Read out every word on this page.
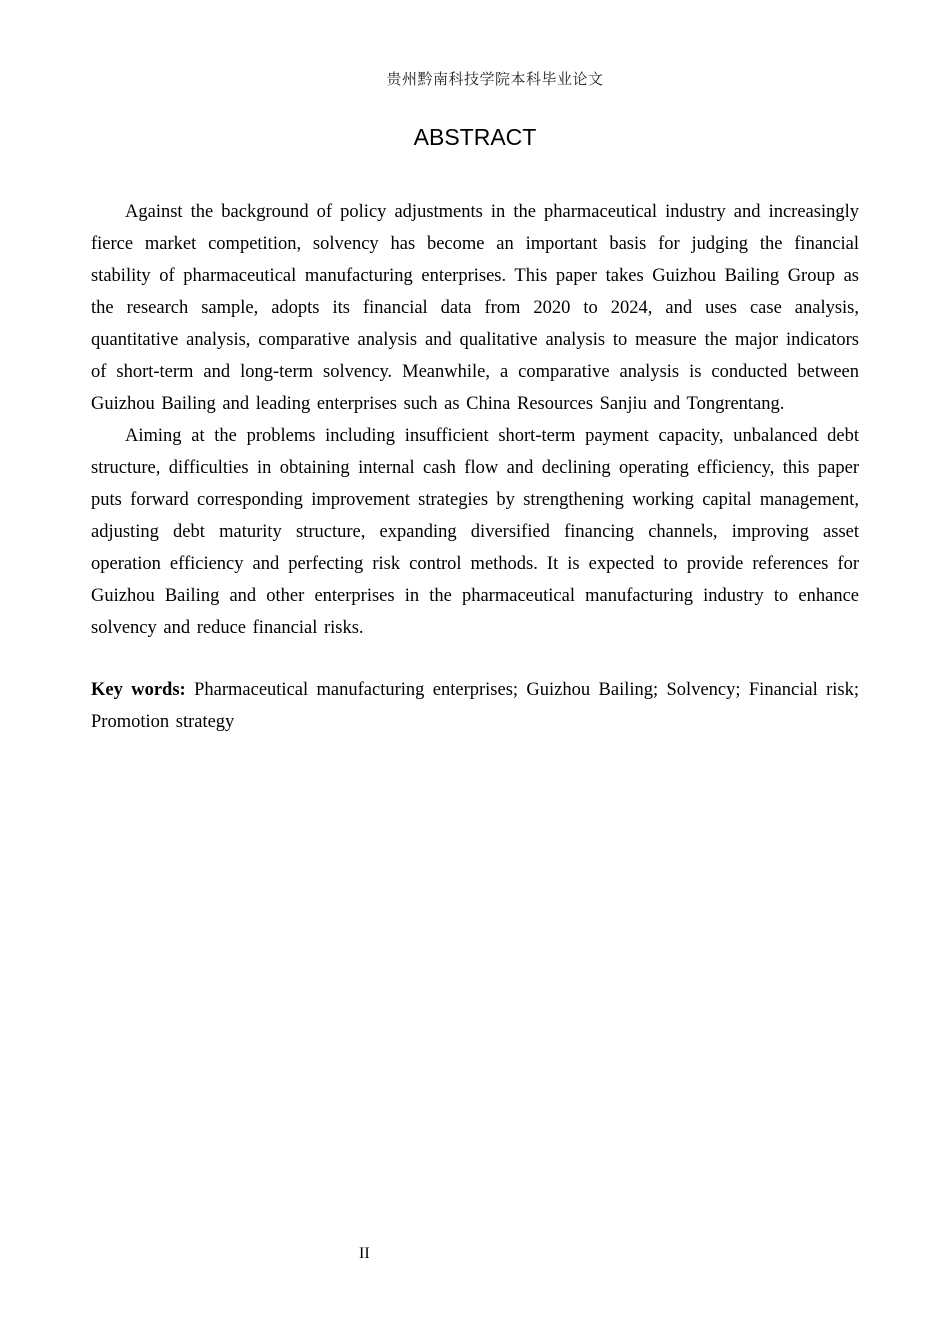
贵州黔南科技学院本科毕业论文
ABSTRACT

Against the background of policy adjustments in the pharmaceutical industry and increasingly fierce market competition, solvency has become an important basis for judging the financial stability of pharmaceutical manufacturing enterprises. This paper takes Guizhou Bailing Group as the research sample, adopts its financial data from 2020 to 2024, and uses case analysis, quantitative analysis, comparative analysis and qualitative analysis to measure the major indicators of short-term and long-term solvency. Meanwhile, a comparative analysis is conducted between Guizhou Bailing and leading enterprises such as China Resources Sanjiu and Tongrentang.

Aiming at the problems including insufficient short-term payment capacity, unbalanced debt structure, difficulties in obtaining internal cash flow and declining operating efficiency, this paper puts forward corresponding improvement strategies by strengthening working capital management, adjusting debt maturity structure, expanding diversified financing channels, improving asset operation efficiency and perfecting risk control methods. It is expected to provide references for Guizhou Bailing and other enterprises in the pharmaceutical manufacturing industry to enhance solvency and reduce financial risks.

Key words: Pharmaceutical manufacturing enterprises; Guizhou Bailing; Solvency; Financial risk; Promotion strategy

II
